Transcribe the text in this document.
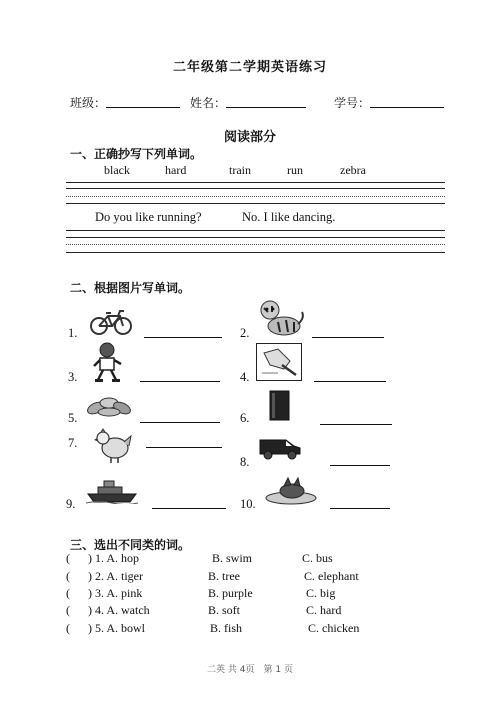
二年级第二学期英语练习
班级：	姓名：	学号：
阅读部分
一、正确抄写下列单词。
black	hard	train	run	zebra
Do you like running?	No. I like dancing.
二、根据图片写单词。
1.	2.
3.	4.
5.	6.
7.
8.
9.	10.
三、选出不同类的词。
( ) 1. A. hop	B. swim	C. bus
( ) 2. A. tiger	B. tree	C. elephant
( ) 3. A. pink	B. purple	C. big
( ) 4. A. watch	B. soft	C. hard
( ) 5. A. bowl	B. fish	C. chicken
二英 共 4页　第 1 页
